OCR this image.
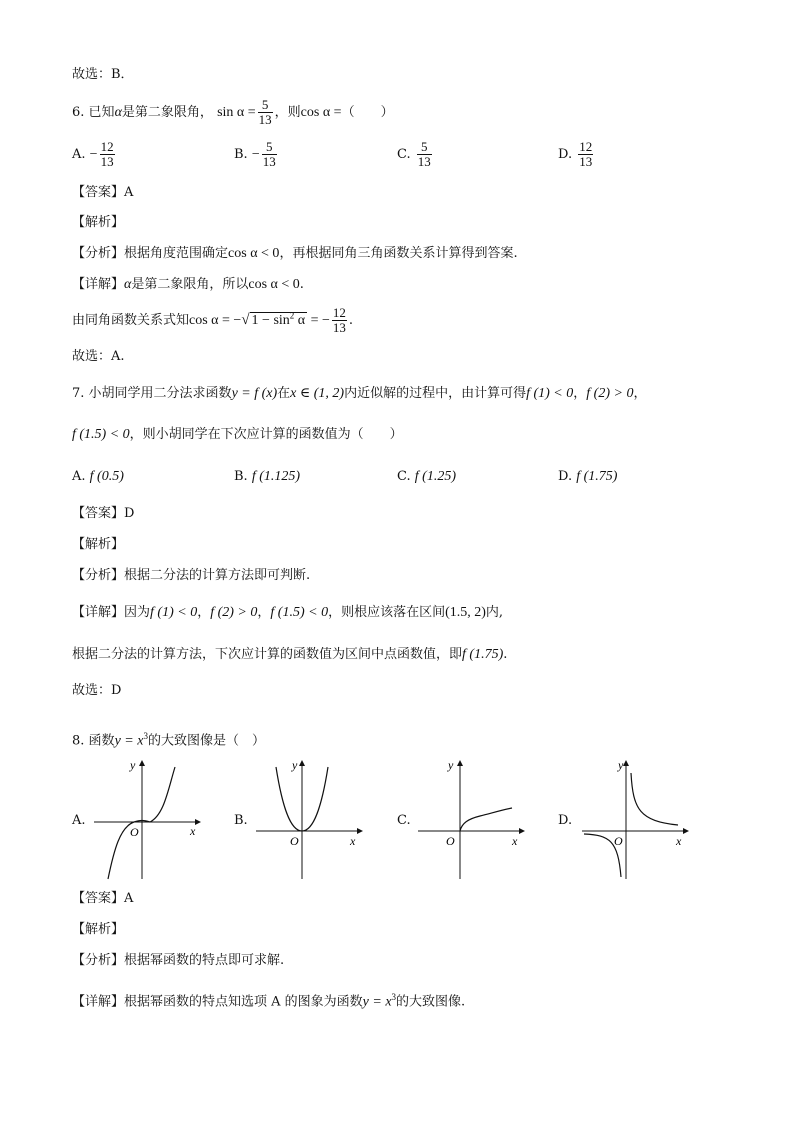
故选：B．
6. 已知α是第二象限角， $\sin \alpha = \frac{5}{13}$ ，则cos α =（　　）
A. − $\frac{12}{13}$	B. − $\frac{5}{13}$	C. $\frac{5}{13}$	D. $\frac{12}{13}$
【答案】A
【解析】
【分析】根据角度范围确定cos α < 0，再根据同角三角函数关系计算得到答案.
【详解】α是第二象限角，所以cos α < 0.
由同角函数关系式知cos α = −√ $1 - \sin^2 \alpha$ = − $\frac{12}{13}$ .
故选：A.
7. 小胡同学用二分法求函数y = f (x)在x ∈ (1, 2)内近似解的过程中，由计算可得f (1) < 0，f (2) > 0，
f (1.5) < 0，则小胡同学在下次应计算的函数值为（　　）
A. f (0.5)	B. f (1.125)	C. f (1.25)	D. f (1.75)
【答案】D
【解析】
【分析】根据二分法的计算方法即可判断.
【详解】因为f (1) < 0，f (2) > 0，f (1.5) < 0，则根应该落在区间(1.5, 2)内,
根据二分法的计算方法，下次应计算的函数值为区间中点函数值，即f (1.75).
故选：D
8. 函数$y = x^3$的大致图像是（　）
A.	B.	C.	D.
y
x
O
y
x
O
y
x
O
y
x
O
【答案】A
【解析】
【分析】根据幂函数的特点即可求解.
【详解】根据幂函数的特点知选项 A 的图象为函数$y = x^3$的大致图像.
